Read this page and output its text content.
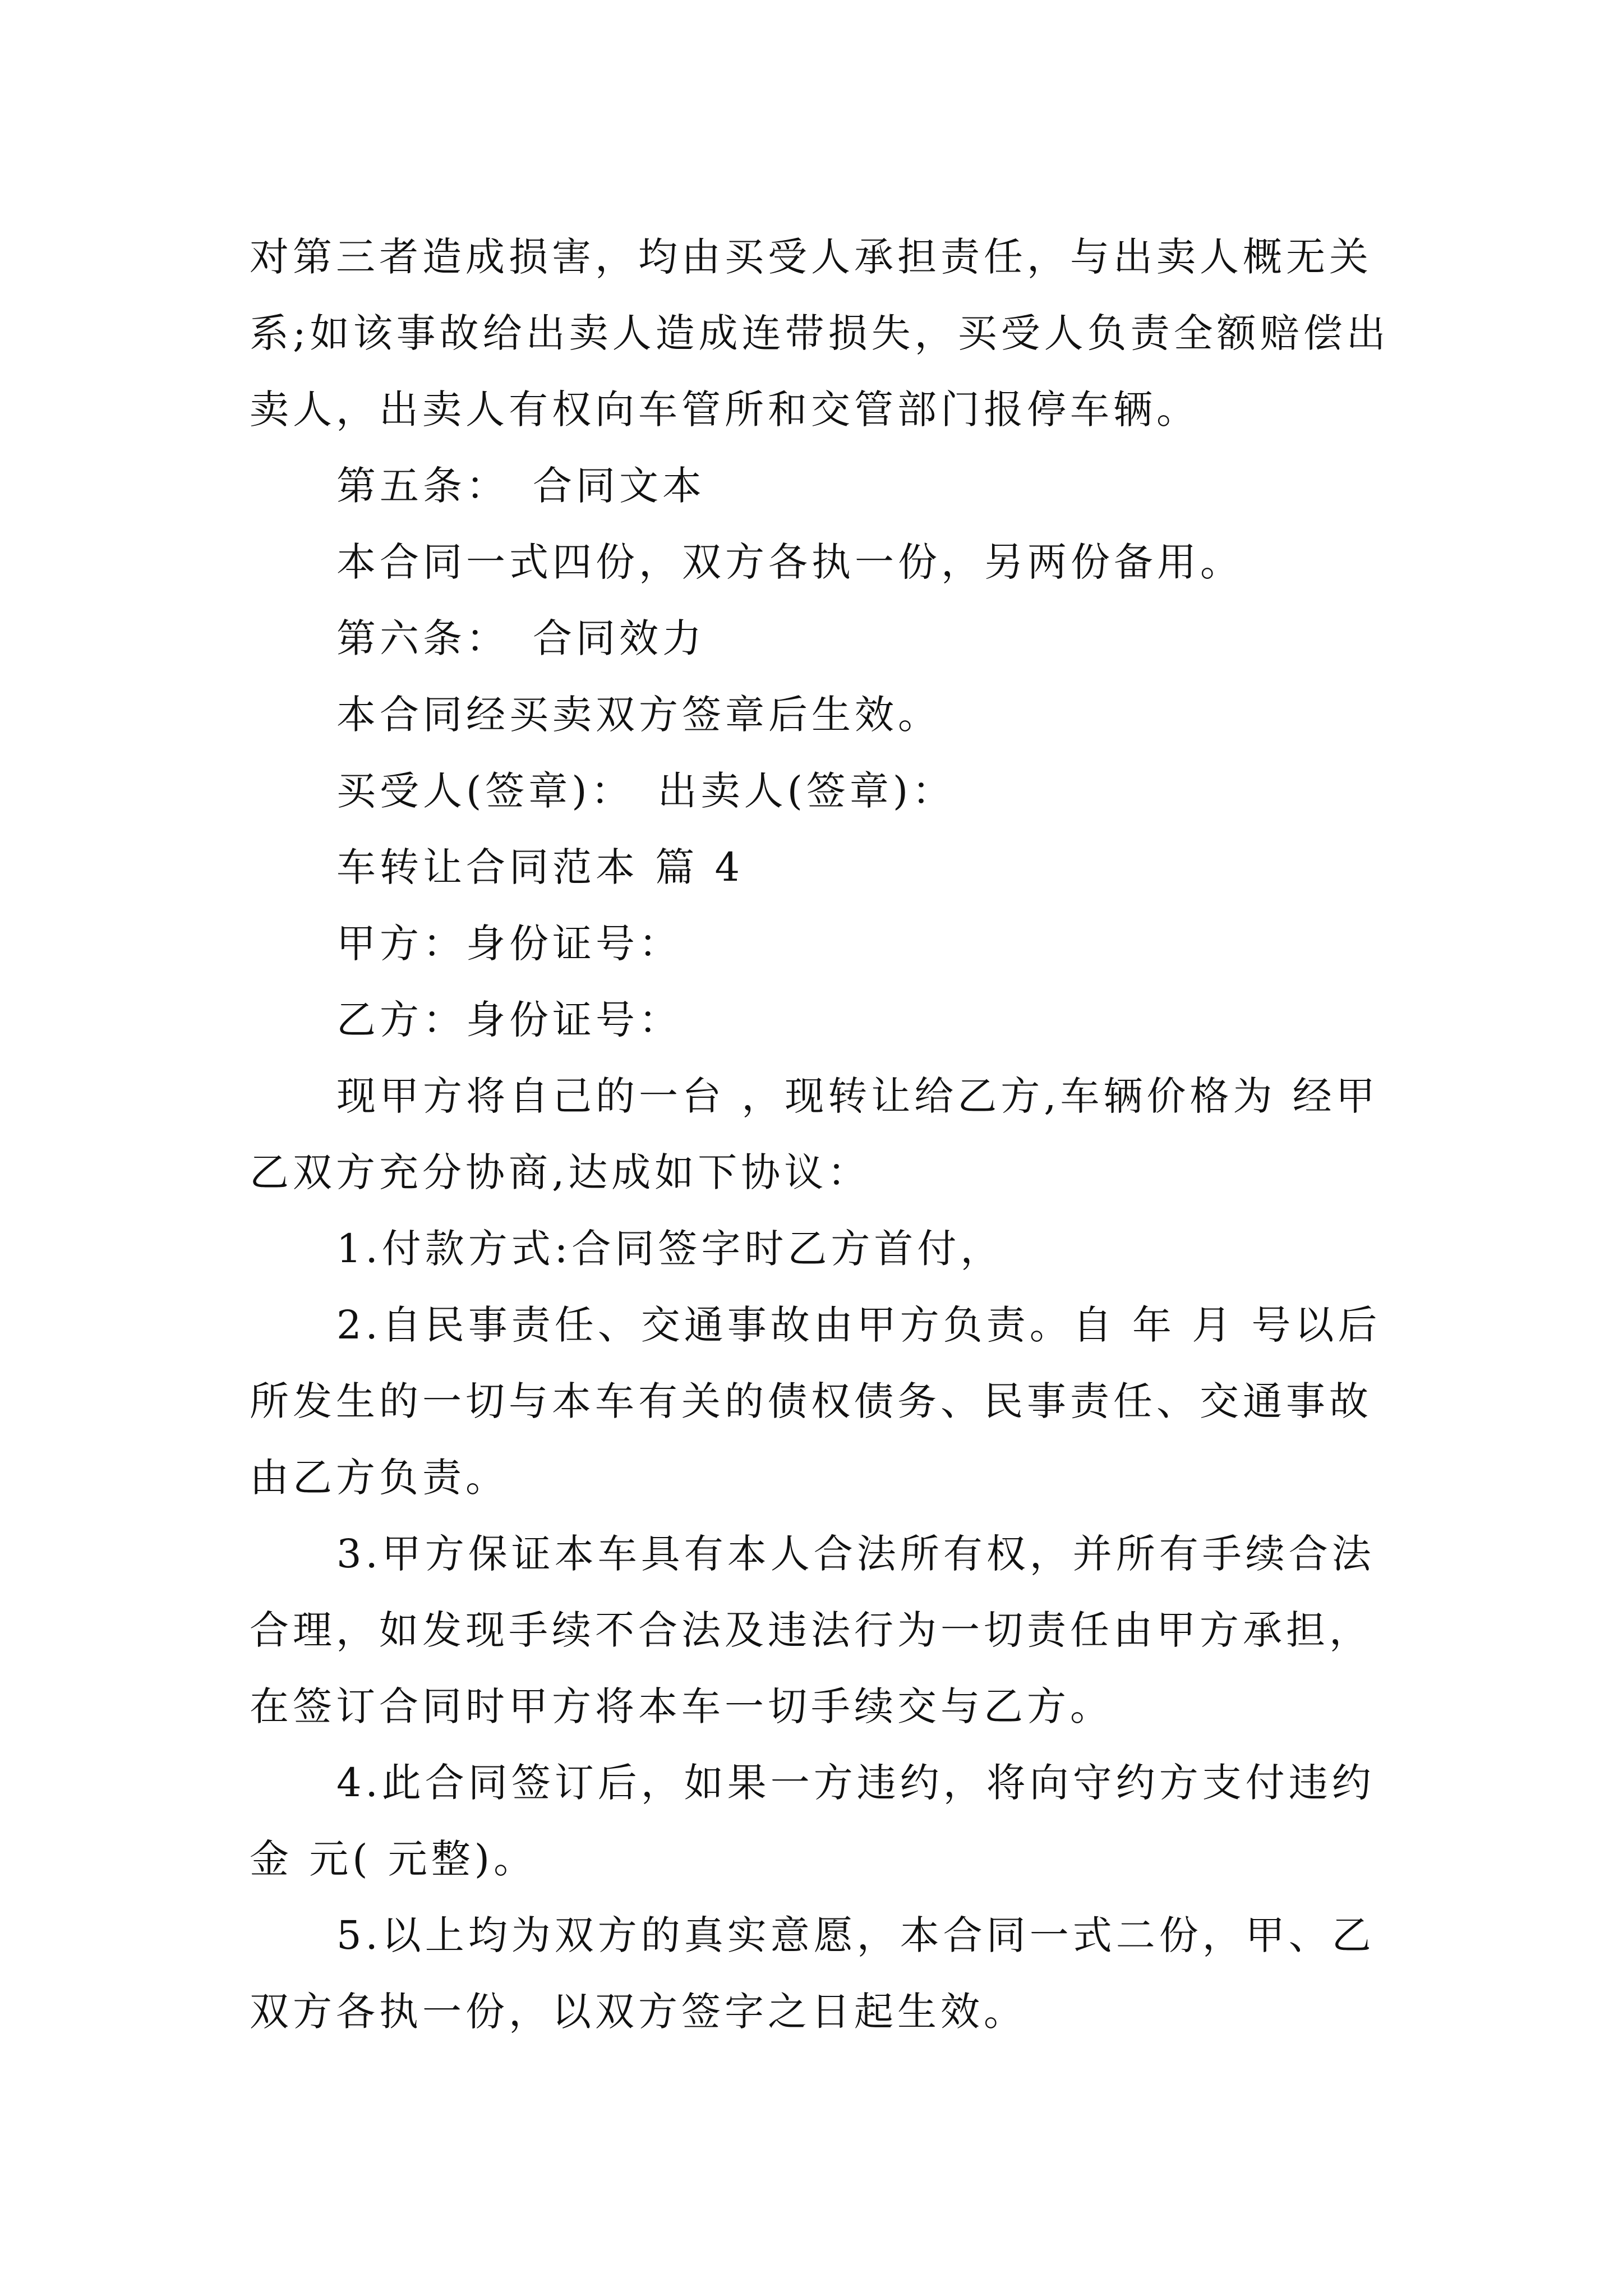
对第三者造成损害，均由买受人承担责任，与出卖人概无关系;如该事故给出卖人造成连带损失，买受人负责全额赔偿出卖人，出卖人有权向车管所和交管部门报停车辆。

第五条：　合同文本

本合同一式四份，双方各执一份，另两份备用。

第六条：　合同效力

本合同经买卖双方签章后生效。

买受人(签章)：　出卖人(签章)：

车转让合同范本 篇 4

甲方：身份证号：

乙方：身份证号：

现甲方将自己的一台 ，现转让给乙方,车辆价格为 经甲乙双方充分协商,达成如下协议：

1.付款方式:合同签字时乙方首付，

2.自民事责任、交通事故由甲方负责。自 年 月 号以后所发生的一切与本车有关的债权债务、民事责任、交通事故由乙方负责。

3.甲方保证本车具有本人合法所有权，并所有手续合法合理，如发现手续不合法及违法行为一切责任由甲方承担，在签订合同时甲方将本车一切手续交与乙方。

4.此合同签订后，如果一方违约，将向守约方支付违约金 元( 元整)。

5.以上均为双方的真实意愿，本合同一式二份，甲、乙双方各执一份，以双方签字之日起生效。
